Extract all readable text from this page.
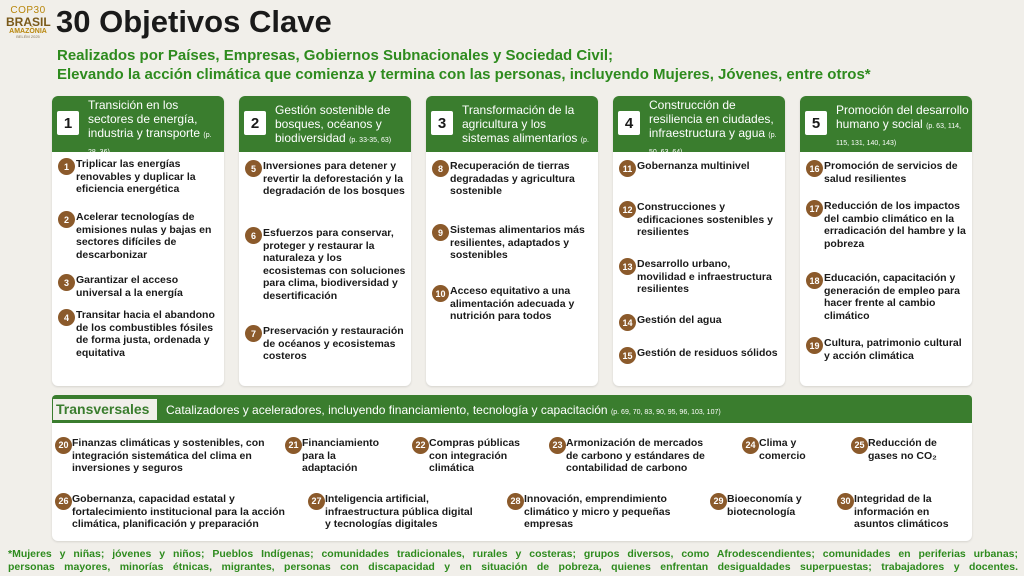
COP30
BRASIL
AMAZÔNIA
BELÉM 2025 30 Objetivos Clave
Realizados por Países, Empresas, Gobiernos Subnacionales y Sociedad Civil;
Elevando la acción climática que comienza y termina con las personas, incluyendo Mujeres, Jóvenes, entre otros*
1
Transición en los sectores de energía, industria y transporte (p. 28, 36)
1 Triplicar las energías renovables y duplicar la eficiencia energética
2 Acelerar tecnologías de emisiones nulas y bajas en sectores difíciles de descarbonizar
3 Garantizar el acceso universal a la energía
4 Transitar hacia el abandono de los combustibles fósiles de forma justa, ordenada y equitativa
2
Gestión sostenible de bosques, océanos y biodiversidad (p. 33-35, 63)
5 Inversiones para detener y revertir la deforestación y la degradación de los bosques
6 Esfuerzos para conservar, proteger y restaurar la naturaleza y los ecosistemas con soluciones para clima, biodiversidad y desertificación
7 Preservación y restauración de océanos y ecosistemas costeros
3
Transformación de la agricultura y los sistemas alimentarios (p. 28, 55, 63)
8 Recuperación de tierras degradadas y agricultura sostenible
9 Sistemas alimentarios más resilientes, adaptados y sostenibles
10 Acceso equitativo a una alimentación adecuada y nutrición para todos
4
Construcción de resiliencia en ciudades, infraestructura y agua (p. 50, 63, 64)
11 Gobernanza multinivel
12 Construcciones y edificaciones sostenibles y resilientes
13 Desarrollo urbano, movilidad e infraestructura resilientes
14 Gestión del agua
15 Gestión de residuos sólidos
5
Promoción del desarrollo humano y social (p. 63, 114, 115, 131, 140, 143)
16 Promoción de servicios de salud resilientes
17 Reducción de los impactos del cambio climático en la erradicación del hambre y la pobreza
18 Educación, capacitación y generación de empleo para hacer frente al cambio climático
19 Cultura, patrimonio cultural y acción climática
Transversales	Catalizadores y aceleradores, incluyendo financiamiento, tecnología y capacitación (p. 69, 70, 83, 90, 95, 96, 103, 107)
20 Finanzas climáticas y sostenibles, con integración sistemática del clima en inversiones y seguros
21 Financiamiento para la adaptación
22 Compras públicas con integración climática
23 Armonización de mercados de carbono y estándares de contabilidad de carbono
24 Clima y comercio
25 Reducción de gases no CO₂
26 Gobernanza, capacidad estatal y fortalecimiento institucional para la acción climática, planificación y preparación
27 Inteligencia artificial, infraestructura pública digital y tecnologías digitales
28 Innovación, emprendimiento climático y micro y pequeñas empresas
29 Bioeconomía y biotecnología
30 Integridad de la información en asuntos climáticos
*Mujeres y niñas; jóvenes y niños; Pueblos Indígenas; comunidades tradicionales, rurales y costeras; grupos diversos, como Afrodescendientes; comunidades en periferias urbanas;
personas mayores, minorías étnicas, migrantes, personas con discapacidad y en situación de pobreza, quienes enfrentan desigualdades superpuestas; trabajadores y docentes.
